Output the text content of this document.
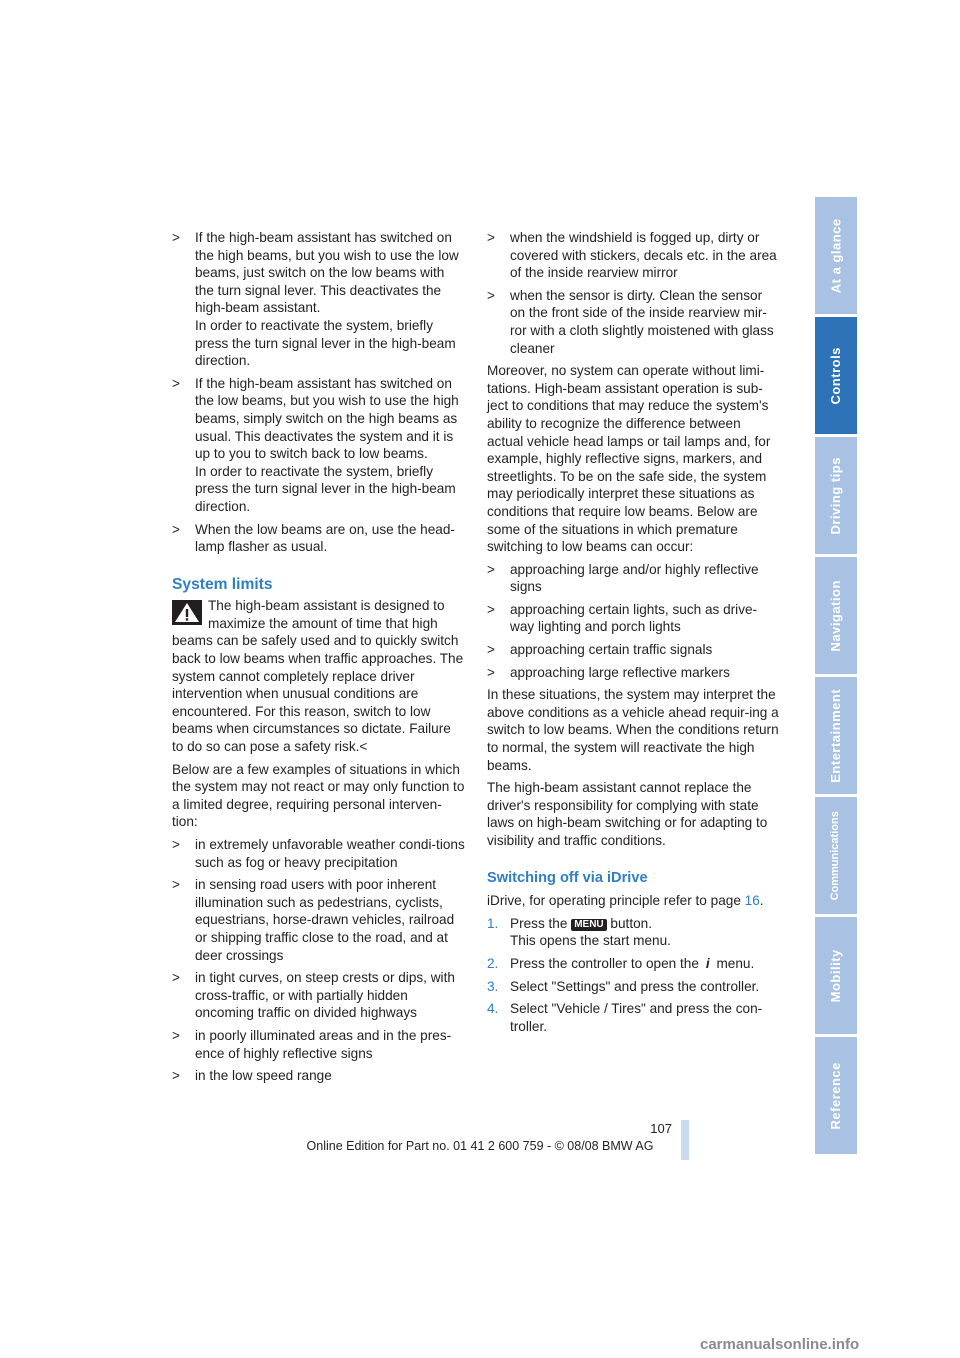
> If the high-beam assistant has switched on the high beams, but you wish to use the low beams, just switch on the low beams with the turn signal lever. This deactivates the high-beam assistant.
In order to reactivate the system, briefly press the turn signal lever in the high-beam direction.
> If the high-beam assistant has switched on the low beams, but you wish to use the high beams, simply switch on the high beams as usual. This deactivates the system and it is up to you to switch back to low beams.
In order to reactivate the system, briefly press the turn signal lever in the high-beam direction.
> When the low beams are on, use the head-lamp flasher as usual.
System limits

The high-beam assistant is designed to maximize the amount of time that high beams can be safely used and to quickly switch back to low beams when traffic approaches. The system cannot completely replace driver intervention when unusual conditions are encountered. For this reason, switch to low beams when circumstances so dictate. Failure to do so can pose a safety risk.<

Below are a few examples of situations in which the system may not react or may only function to a limited degree, requiring personal interven-tion:

> in extremely unfavorable weather condi-tions such as fog or heavy precipitation
> in sensing road users with poor inherent illumination such as pedestrians, cyclists, equestrians, horse-drawn vehicles, railroad or shipping traffic close to the road, and at deer crossings
> in tight curves, on steep crests or dips, with cross-traffic, or with partially hidden oncoming traffic on divided highways
> in poorly illuminated areas and in the pres-ence of highly reflective signs
> in the low speed range
> when the windshield is fogged up, dirty or covered with stickers, decals etc. in the area of the inside rearview mirror
> when the sensor is dirty. Clean the sensor on the front side of the inside rearview mir-ror with a cloth slightly moistened with glass cleaner

Moreover, no system can operate without limi-tations. High-beam assistant operation is sub-ject to conditions that may reduce the system's ability to recognize the difference between actual vehicle head lamps or tail lamps and, for example, highly reflective signs, markers, and streetlights. To be on the safe side, the system may periodically interpret these situations as conditions that require low beams. Below are some of the situations in which premature switching to low beams can occur:

> approaching large and/or highly reflective signs
> approaching certain lights, such as drive-way lighting and porch lights
> approaching certain traffic signals
> approaching large reflective markers

In these situations, the system may interpret the above conditions as a vehicle ahead requir-ing a switch to low beams. When the conditions return to normal, the system will reactivate the high beams.

The high-beam assistant cannot replace the driver's responsibility for complying with state laws on high-beam switching or for adapting to visibility and traffic conditions.

Switching off via iDrive

iDrive, for operating principle refer to page 16.

1. Press the MENU button.
This opens the start menu.
2. Press the controller to open the i menu.
3. Select "Settings" and press the controller.
4. Select "Vehicle / Tires" and press the con-troller.
At a glance
Controls
Driving tips
Navigation
Entertainment
Communications
Mobility
Reference
107
Online Edition for Part no. 01 41 2 600 759 - © 08/08 BMW AG
carmanualsonline.info
